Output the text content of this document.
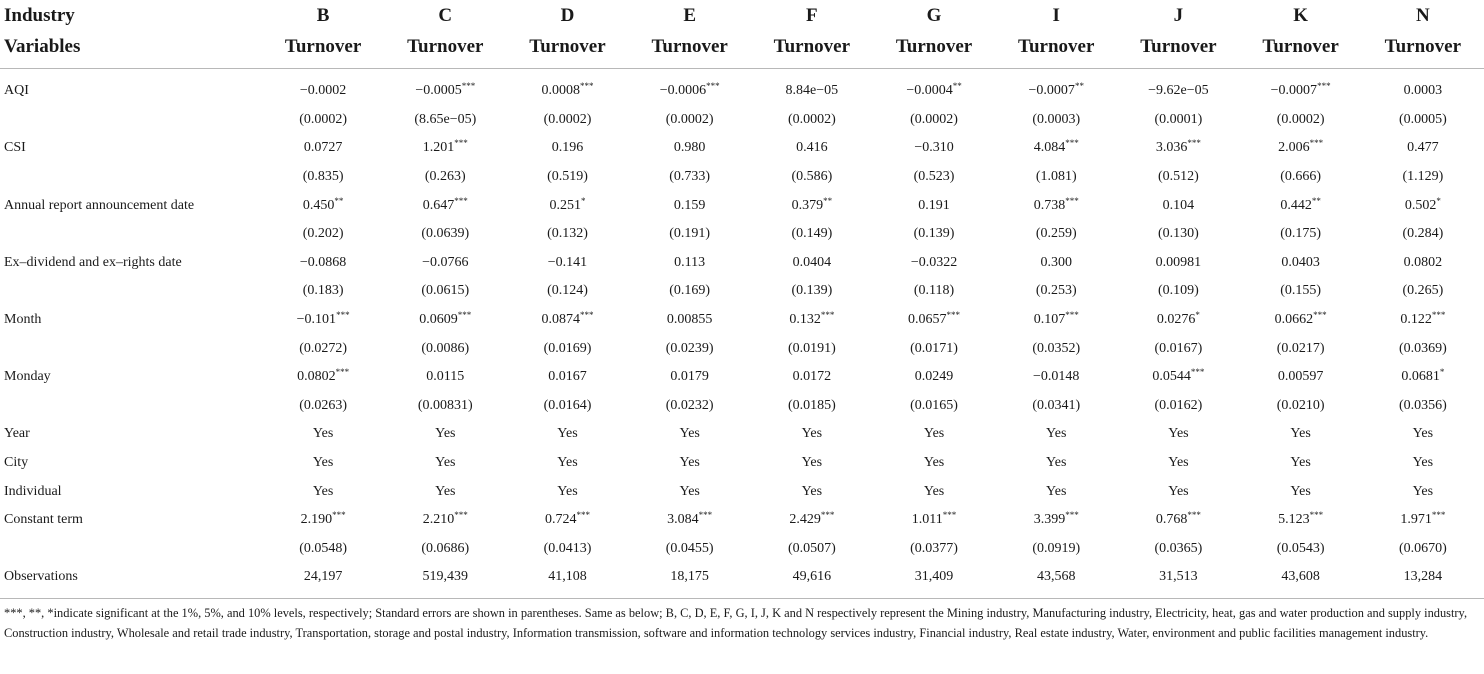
Industry	B	C	D	E	F	G	I	J	K	N
Variables	Turnover	Turnover	Turnover	Turnover	Turnover	Turnover	Turnover	Turnover	Turnover	Turnover
AQI	−0.0002	−0.0005***	0.0008***	−0.0006***	8.84e−05	−0.0004**	−0.0007**	−9.62e−05	−0.0007***	0.0003
	(0.0002)	(8.65e−05)	(0.0002)	(0.0002)	(0.0002)	(0.0002)	(0.0003)	(0.0001)	(0.0002)	(0.0005)
CSI	0.0727	1.201***	0.196	0.980	0.416	−0.310	4.084***	3.036***	2.006***	0.477
	(0.835)	(0.263)	(0.519)	(0.733)	(0.586)	(0.523)	(1.081)	(0.512)	(0.666)	(1.129)
Annual report announcement date	0.450**	0.647***	0.251*	0.159	0.379**	0.191	0.738***	0.104	0.442**	0.502*
	(0.202)	(0.0639)	(0.132)	(0.191)	(0.149)	(0.139)	(0.259)	(0.130)	(0.175)	(0.284)
Ex–dividend and ex–rights date	−0.0868	−0.0766	−0.141	0.113	0.0404	−0.0322	0.300	0.00981	0.0403	0.0802
	(0.183)	(0.0615)	(0.124)	(0.169)	(0.139)	(0.118)	(0.253)	(0.109)	(0.155)	(0.265)
Month	−0.101***	0.0609***	0.0874***	0.00855	0.132***	0.0657***	0.107***	0.0276*	0.0662***	0.122***
	(0.0272)	(0.0086)	(0.0169)	(0.0239)	(0.0191)	(0.0171)	(0.0352)	(0.0167)	(0.0217)	(0.0369)
Monday	0.0802***	0.0115	0.0167	0.0179	0.0172	0.0249	−0.0148	0.0544***	0.00597	0.0681*
	(0.0263)	(0.00831)	(0.0164)	(0.0232)	(0.0185)	(0.0165)	(0.0341)	(0.0162)	(0.0210)	(0.0356)
Year	Yes	Yes	Yes	Yes	Yes	Yes	Yes	Yes	Yes	Yes
City	Yes	Yes	Yes	Yes	Yes	Yes	Yes	Yes	Yes	Yes
Individual	Yes	Yes	Yes	Yes	Yes	Yes	Yes	Yes	Yes	Yes
Constant term	2.190***	2.210***	0.724***	3.084***	2.429***	1.011***	3.399***	0.768***	5.123***	1.971***
	(0.0548)	(0.0686)	(0.0413)	(0.0455)	(0.0507)	(0.0377)	(0.0919)	(0.0365)	(0.0543)	(0.0670)
Observations	24,197	519,439	41,108	18,175	49,616	31,409	43,568	31,513	43,608	13,284
***, **, *indicate significant at the 1%, 5%, and 10% levels, respectively; Standard errors are shown in parentheses. Same as below; B, C, D, E, F, G, I, J, K and N respectively represent the Mining industry, Manufacturing industry, Electricity, heat, gas and water production and supply industry, Construction industry, Wholesale and retail trade industry, Transportation, storage and postal industry, Information transmission, software and information technology services industry, Financial industry, Real estate industry, Water, environment and public facilities management industry.
